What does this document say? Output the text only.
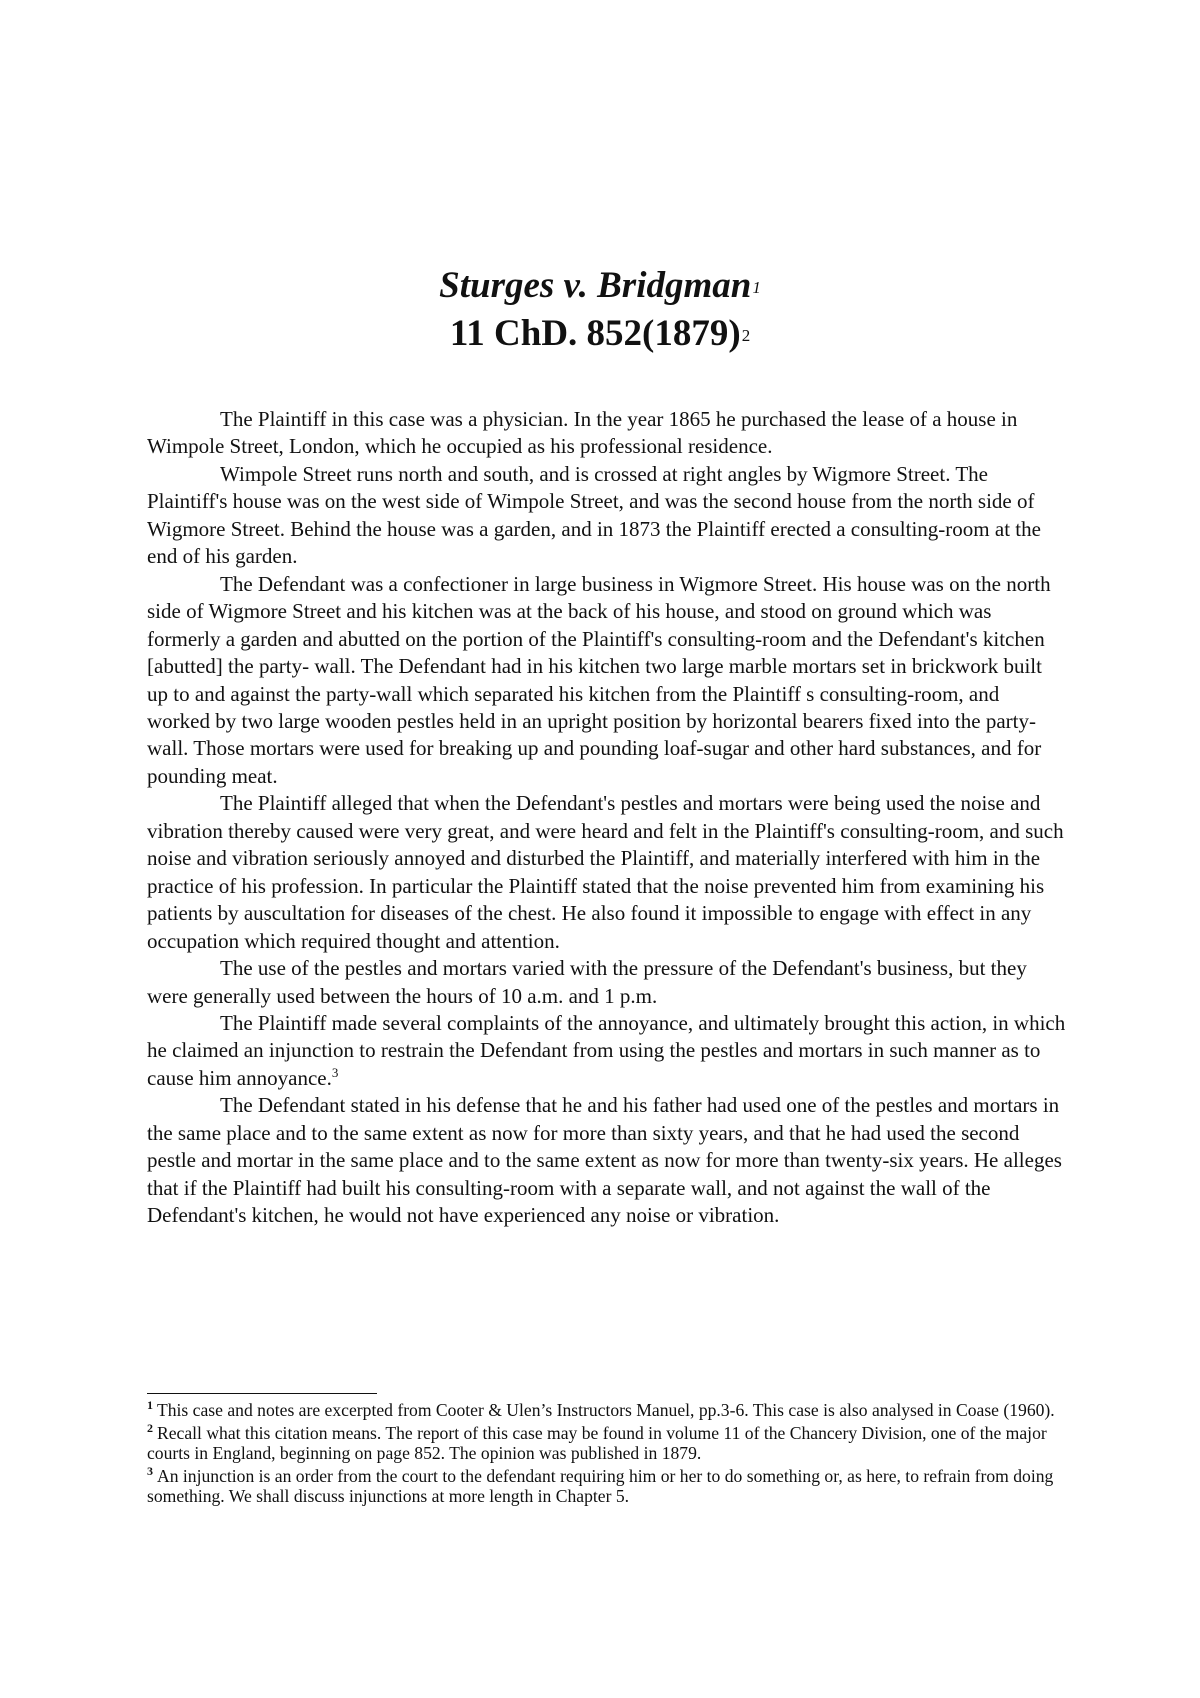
Sturges v. Bridgman$^1$

11 ChD. $852(1879)^2$

The Plaintiff in this case was a physician. In the year 1865 he purchased the lease of a house in Wimpole Street, London, which he occupied as his professional residence.

Wimpole Street runs north and south, and is crossed at right angles by Wigmore Street. The Plaintiff's house was on the west side of Wimpole Street, and was the second house from the north side of Wigmore Street. Behind the house was a garden, and in 1873 the Plaintiff erected a consulting-room at the end of his garden.

The Defendant was a confectioner in large business in Wigmore Street. His house was on the north side of Wigmore Street and his kitchen was at the back of his house, and stood on ground which was formerly a garden and abutted on the portion of the Plaintiff's consulting-room and the Defendant's kitchen [abutted] the party- wall. The Defendant had in his kitchen two large marble mortars set in brickwork built up to and against the party-wall which separated his kitchen from the Plaintiff s consulting-room, and worked by two large wooden pestles held in an upright position by horizontal bearers fixed into the party-wall. Those mortars were used for breaking up and pounding loaf-sugar and other hard substances, and for pounding meat.

The Plaintiff alleged that when the Defendant's pestles and mortars were being used the noise and vibration thereby caused were very great, and were heard and felt in the Plaintiff's consulting-room, and such noise and vibration seriously annoyed and disturbed the Plaintiff, and materially interfered with him in the practice of his profession. In particular the Plaintiff stated that the noise prevented him from examining his patients by auscultation for diseases of the chest. He also found it impossible to engage with effect in any occupation which required thought and attention.

The use of the pestles and mortars varied with the pressure of the Defendant's business, but they were generally used between the hours of 10 a.m. and 1 p.m.

The Plaintiff made several complaints of the annoyance, and ultimately brought this action, in which he claimed an injunction to restrain the Defendant from using the pestles and mortars in such manner as to cause him annoyance.$^3$

The Defendant stated in his defense that he and his father had used one of the pestles and mortars in the same place and to the same extent as now for more than sixty years, and that he had used the second pestle and mortar in the same place and to the same extent as now for more than twenty-six years. He alleges that if the Plaintiff had built his consulting-room with a separate wall, and not against the wall of the Defendant's kitchen, he would not have experienced any noise or vibration.

$^1$ This case and notes are excerpted from Cooter & Ulen’s Instructors Manuel, pp.3-6. This case is also analysed in Coase (1960).

$^2$ Recall what this citation means. The report of this case may be found in volume 11 of the Chancery Division, one of the major courts in England, beginning on page 852. The opinion was published in 1879.

$^3$ An injunction is an order from the court to the defendant requiring him or her to do something or, as here, to refrain from doing something. We shall discuss injunctions at more length in Chapter 5.
